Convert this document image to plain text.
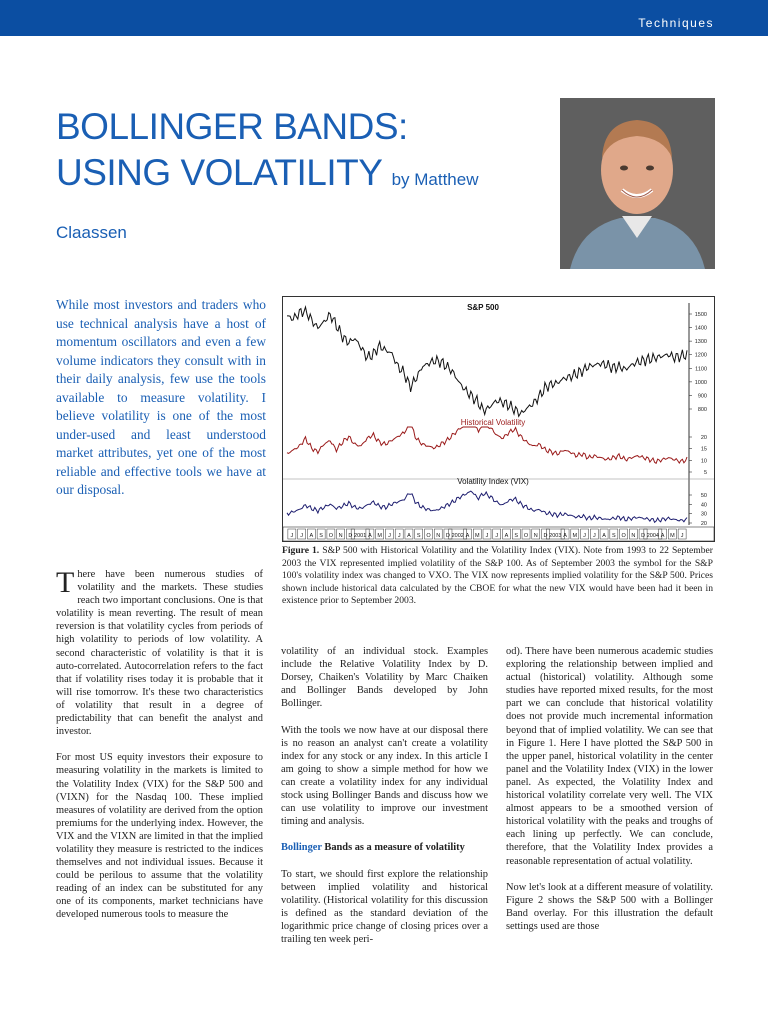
Techniques
BOLLINGER BANDS:
USING VOLATILITY by Matthew Claassen
While most investors and traders who use technical analysis have a host of momentum oscillators and even a few volume indicators they consult with in their daily analysis, few use the tools available to measure volatility. I believe volatility is one of the most under-used and least understood market attributes, yet one of the most reliable and effective tools we have at our disposal.
S&P 500
1500
1400
1300
1200
1100
1000
900
800
Historical Volatility
20
15
10
5
Volatility Index (VIX)
50
40
30
20
J J A S O N D 2001 A M J J A S O N D 2002 A M J J A S O N D 2003 A M J J A S O N D 2004 A M J
Figure 1. S&P 500 with Historical Volatility and the Volatility Index (VIX). Note from 1993 to 22 September 2003 the VIX represented implied volatility of the S&P 100. As of September 2003 the symbol for the S&P 100's volatility index was changed to VXO. The VIX now represents implied volatility for the S&P 500. Prices shown include historical data calculated by the CBOE for what the new VIX would have been had it been in existence prior to September 2003.

There have been numerous studies of volatility and the markets. These studies reach two important conclusions. One is that volatility is mean reverting. The result of mean reversion is that volatility cycles from periods of high volatility to periods of low volatility. A second characteristic of volatility is that it is auto-correlated. Autocorrelation refers to the fact that if volatility rises today it is probable that it will rise tomorrow. It's these two characteristics of volatility that result in a degree of predictability that can benefit the analyst and investor.

For most US equity investors their exposure to measuring volatility in the markets is limited to the Volatility Index (VIX) for the S&P 500 and (VIXN) for the Nasdaq 100. These implied measures of volatility are derived from the option premiums for the underlying index. However, the VIX and the VIXN are limited in that the implied volatility they measure is restricted to the indices themselves and not individual issues. Because it could be perilous to assume that the volatility reading of an index can be substituted for any one of its components, market technicians have developed numerous tools to measure the

volatility of an individual stock. Examples include the Relative Volatility Index by D. Dorsey, Chaiken's Volatility by Marc Chaiken and Bollinger Bands developed by John Bollinger.

With the tools we now have at our disposal there is no reason an analyst can't create a volatility index for any stock or any index. In this article I am going to show a simple method for how we can create a volatility index for any individual stock using Bollinger Bands and discuss how we can use volatility to improve our investment timing and analysis.

Bollinger Bands as a measure of volatility

To start, we should first explore the relationship between implied volatility and historical volatility. (Historical volatility for this discussion is defined as the standard deviation of the logarithmic price change of closing prices over a trailing ten week peri-

od). There have been numerous academic studies exploring the relationship between implied and actual (historical) volatility. Although some studies have reported mixed results, for the most part we can conclude that historical volatility does not provide much incremental information beyond that of implied volatility. We can see that in Figure 1. Here I have plotted the S&P 500 in the upper panel, historical volatility in the center panel and the Volatility Index (VIX) in the lower panel. As expected, the Volatility Index and historical volatility correlate very well. The VIX almost appears to be a smoothed version of historical volatility with the peaks and troughs of each lining up perfectly. We can conclude, therefore, that the Volatility Index provides a reasonable representation of actual volatility.

Now let's look at a different measure of volatility. Figure 2 shows the S&P 500 with a Bollinger Band overlay. For this illustration the default settings used are those
